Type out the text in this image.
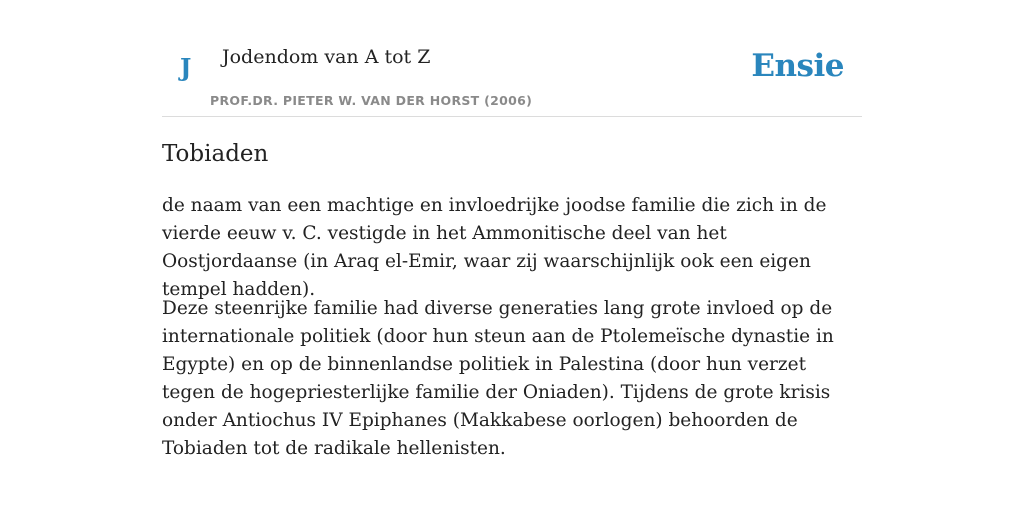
J Jodendom van A tot Z
PROF.DR. PIETER W. VAN DER HORST (2006)
Ensie
Tobiaden

de naam van een machtige en invloedrijke joodse familie die zich in de vierde eeuw v. C. vestigde in het Ammonitische deel van het Oostjordaanse (in Araq el-Emir, waar zij waarschijnlijk ook een eigen tempel hadden).

Deze steenrijke familie had diverse generaties lang grote invloed op de internationale politiek (door hun steun aan de Ptolemeïsche dynastie in Egypte) en op de binnenlandse politiek in Palestina (door hun verzet tegen de hogepriesterlijke familie der Oniaden). Tijdens de grote krisis onder Antiochus IV Epiphanes (Makkabese oorlogen) behoorden de Tobiaden tot de radikale hellenisten.
